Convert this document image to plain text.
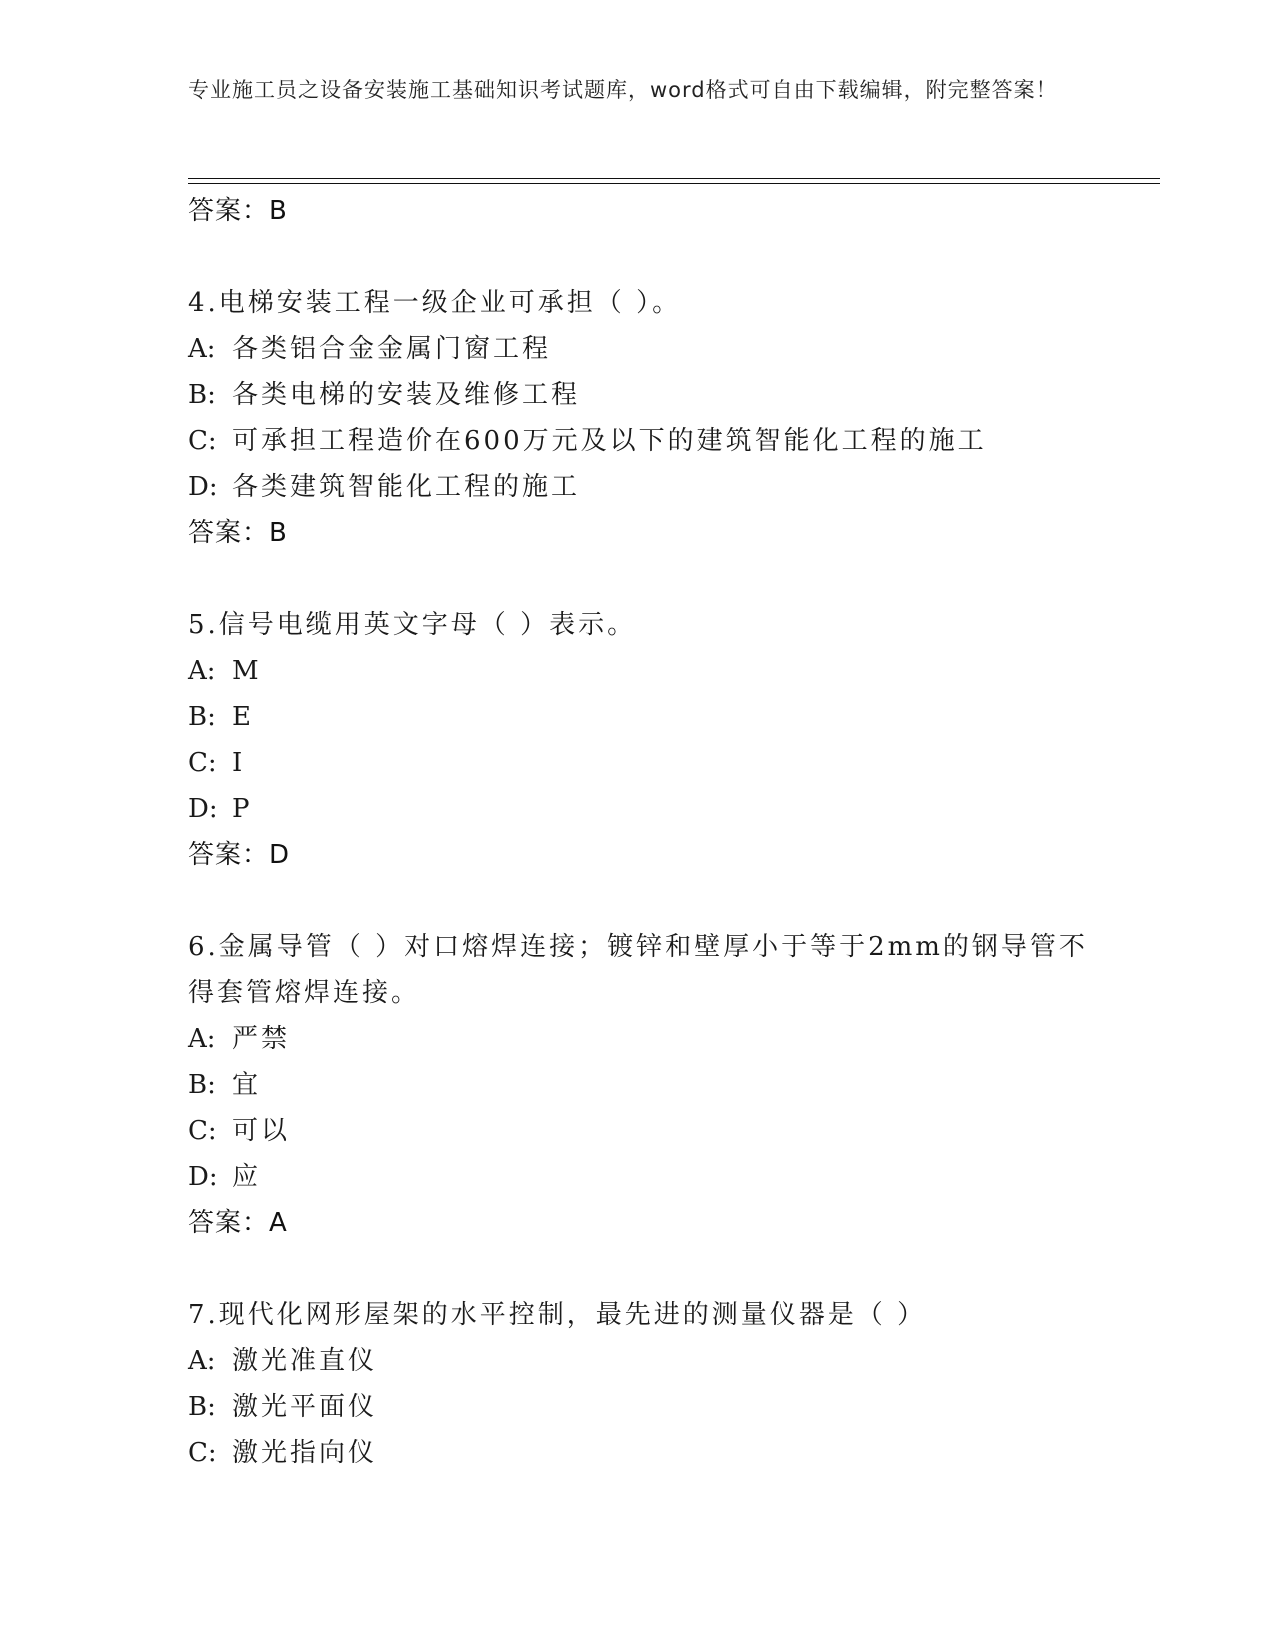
专业施工员之设备安装施工基础知识考试题库，word格式可自由下载编辑，附完整答案！
答案：B
4.电梯安装工程一级企业可承担（ ）。
A: 各类铝合金金属门窗工程
B: 各类电梯的安装及维修工程
C: 可承担工程造价在600万元及以下的建筑智能化工程的施工
D: 各类建筑智能化工程的施工
答案：B
5.信号电缆用英文字母（ ）表示。
A: M
B: E
C: I
D: P
答案：D
6.金属导管（ ）对口熔焊连接；镀锌和壁厚小于等于2mm的钢导管不得套管熔焊连接。
A: 严禁
B: 宜
C: 可以
D: 应
答案：A
7.现代化网形屋架的水平控制，最先进的测量仪器是（ ）
A: 激光准直仪
B: 激光平面仪
C: 激光指向仪
